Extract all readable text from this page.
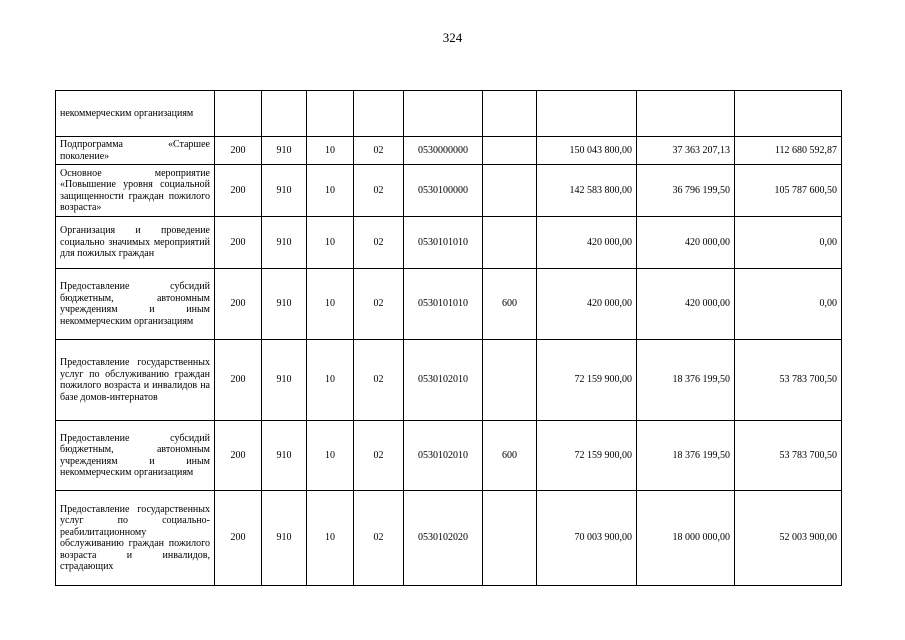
324
некоммерческим организациям									
Подпрограмма «Старшее поколение»	200	910	10	02	0530000000		150 043 800,00	37 363 207,13	112 680 592,87
Основное мероприятие «Повышение уровня социальной защищенности граждан пожилого возраста»	200	910	10	02	0530100000		142 583 800,00	36 796 199,50	105 787 600,50
Организация и проведение социально значимых мероприятий для пожилых граждан	200	910	10	02	0530101010		420 000,00	420 000,00	0,00
Предоставление субсидий бюджетным, автономным учреждениям и иным некоммерческим организациям	200	910	10	02	0530101010	600	420 000,00	420 000,00	0,00
Предоставление государственных услуг по обслуживанию граждан пожилого возраста и инвалидов на базе домов-интернатов	200	910	10	02	0530102010		72 159 900,00	18 376 199,50	53 783 700,50
Предоставление субсидий бюджетным, автономным учреждениям и иным некоммерческим организациям	200	910	10	02	0530102010	600	72 159 900,00	18 376 199,50	53 783 700,50
Предоставление государственных услуг по социально-реабилитационному обслуживанию граждан пожилого возраста и инвалидов, страдающих	200	910	10	02	0530102020		70 003 900,00	18 000 000,00	52 003 900,00
